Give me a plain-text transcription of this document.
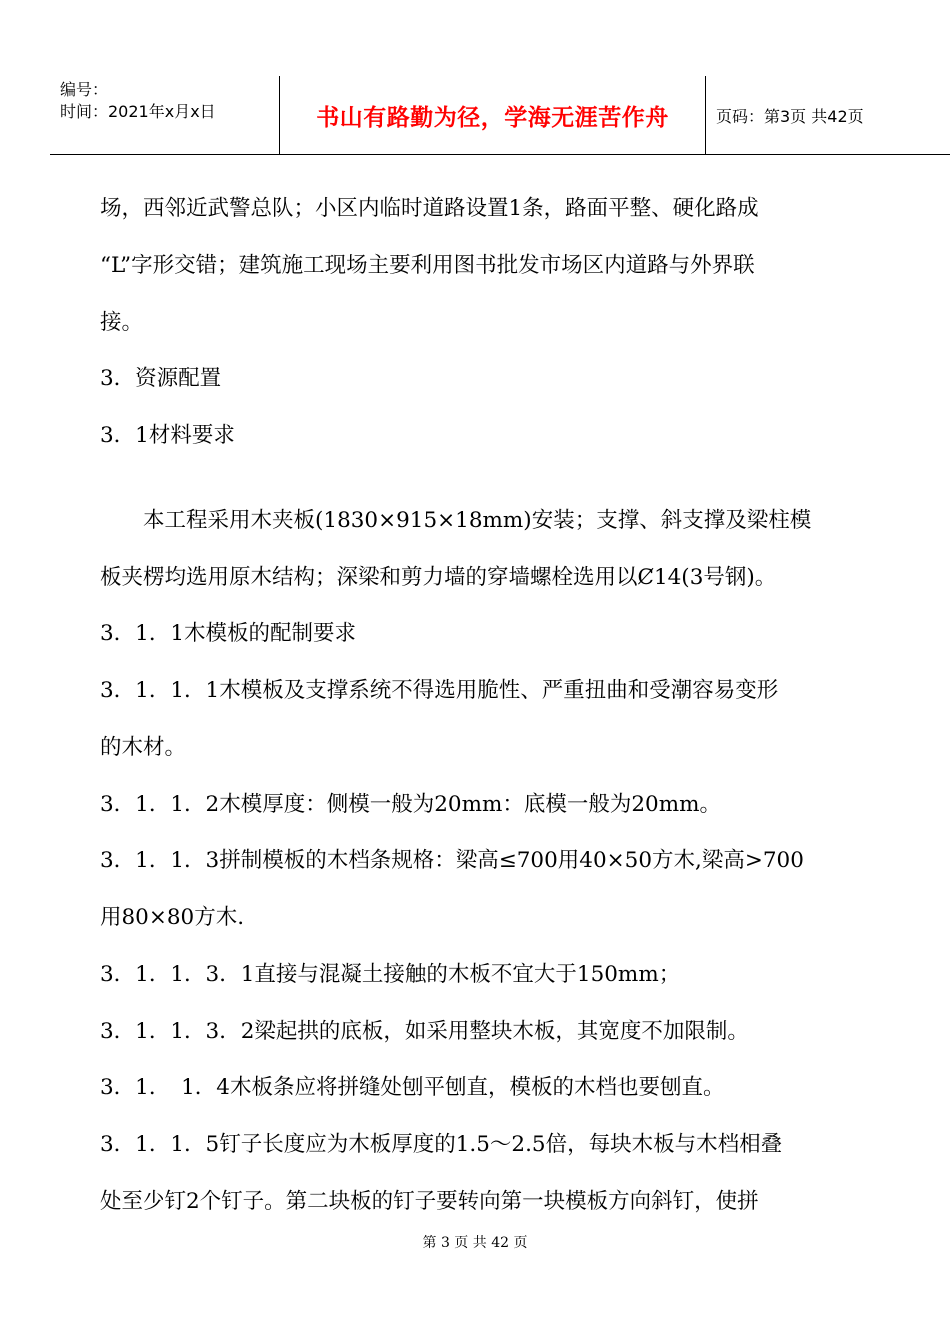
编号：
时间：2021年x月x日	书山有路勤为径，学海无涯苦作舟	页码：第3页 共42页
场，西邻近武警总队；小区内临时道路设置1条，路面平整、硬化路成
“L”字形交错；建筑施工现场主要利用图书批发市场区内道路与外界联
接。
3．资源配置
3．1材料要求
　　本工程采用木夹板(1830×915×18mm)安装；支撑、斜支撑及梁柱模
板夹楞均选用原木结构；深梁和剪力墙的穿墙螺栓选用以Ȼ14(3号钢)。
3．1．1木模板的配制要求
3．1．1．1木模板及支撑系统不得选用脆性、严重扭曲和受潮容易变形
的木材。
3．1．1．2木模厚度：侧模一般为20mm：底模一般为20mm。
3．1．1．3拼制模板的木档条规格：梁高≤700用40×50方木,梁高>700
用80×80方木.
3．1．1．3．1直接与混凝土接触的木板不宜大于150mm；
3．1．1．3．2梁起拱的底板，如采用整块木板，其宽度不加限制。
3．1．　1．4木板条应将拼缝处刨平刨直，模板的木档也要刨直。
3．1．1．5钉子长度应为木板厚度的1.5～2.5倍，每块木板与木档相叠
处至少钉2个钉子。第二块板的钉子要转向第一块模板方向斜钉，使拼
第 3 页 共 42 页
